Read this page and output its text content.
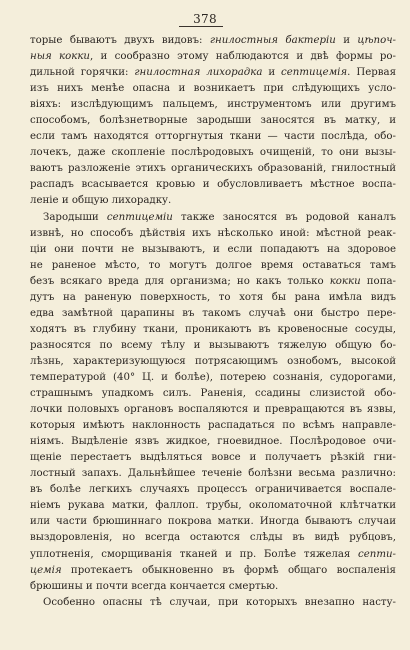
378
торые бываютъ двухъ видовъ: гнилостныя бактерiи и цѣпоч-
ныя кокки, и сообразно этому наблюдаются и двѣ формы ро-
дильной горячки: гнилостная лихорадка и септицемiя. Первая
изъ нихъ менѣе опасна и возникаетъ при слѣдующихъ усло-
вiяхъ: изслѣдующимъ пальцемъ, инструментомъ или другимъ
способомъ, болѣзнетворные зародыши заносятся въ матку, и
если тамъ находятся отторгнутыя ткани — части послѣда, обо-
лочекъ, даже скопленiе послѣродовыхъ очищенiй, то они вызы-
ваютъ разложенiе этихъ органическихъ образованiй, гнилостный
распадъ всасывается кровью и обусловливаетъ мѣстное воспа-
ленiе и общую лихорадку.
Зародыши септицемiи также заносятся въ родовой каналъ
извнѣ, но способъ дѣйствiя ихъ нѣсколько иной: мѣстной реак-
цiи они почти не вызываютъ, и если попадаютъ на здоровое
не раненое мѣсто, то могутъ долгое время оставаться тамъ
безъ всякаго вреда для организма; но какъ только кокки попа-
дутъ на раненую поверхность, то хотя бы рана имѣла видъ
едва замѣтной царапины въ такомъ случаѣ они быстро пере-
ходятъ въ глубину ткани, проникаютъ въ кровеносные сосуды,
разносятся по всему тѣлу и вызываютъ тяжелую общую бо-
лѣзнь, характеризующуюся потрясающимъ ознобомъ, высокой
температурой (40° Ц. и болѣе), потерею сознанiя, судорогами,
страшнымъ упадкомъ силъ. Раненiя, ссадины слизистой обо-
лочки половыхъ органовъ воспаляются и превращаются въ язвы,
которыя имѣютъ наклонность распадаться по всѣмъ направле-
нiямъ. Выдѣленiе язвъ жидкое, гноевидное. Послѣродовое очи-
щенiе перестаетъ выдѣляться вовсе и получаетъ рѣзкiй гни-
лостный запахъ. Дальнѣйшее теченiе болѣзни весьма различно:
въ болѣе легкихъ случаяхъ процессъ ограничивается воспале-
нiемъ рукава матки, фаллоп. трубы, околоматочной клѣтчатки
или части брюшиннаго покрова матки. Иногда бываютъ случаи
выздоровленiя, но всегда остаются слѣды въ видѣ рубцовъ,
уплотненiя, сморщиванiя тканей и пр. Болѣе тяжелая септи-
цемiя протекаетъ обыкновенно въ формѣ общаго воспаленiя
брюшины и почти всегда кончается смертью.
Особенно опасны тѣ случаи, при которыхъ внезапно насту-
